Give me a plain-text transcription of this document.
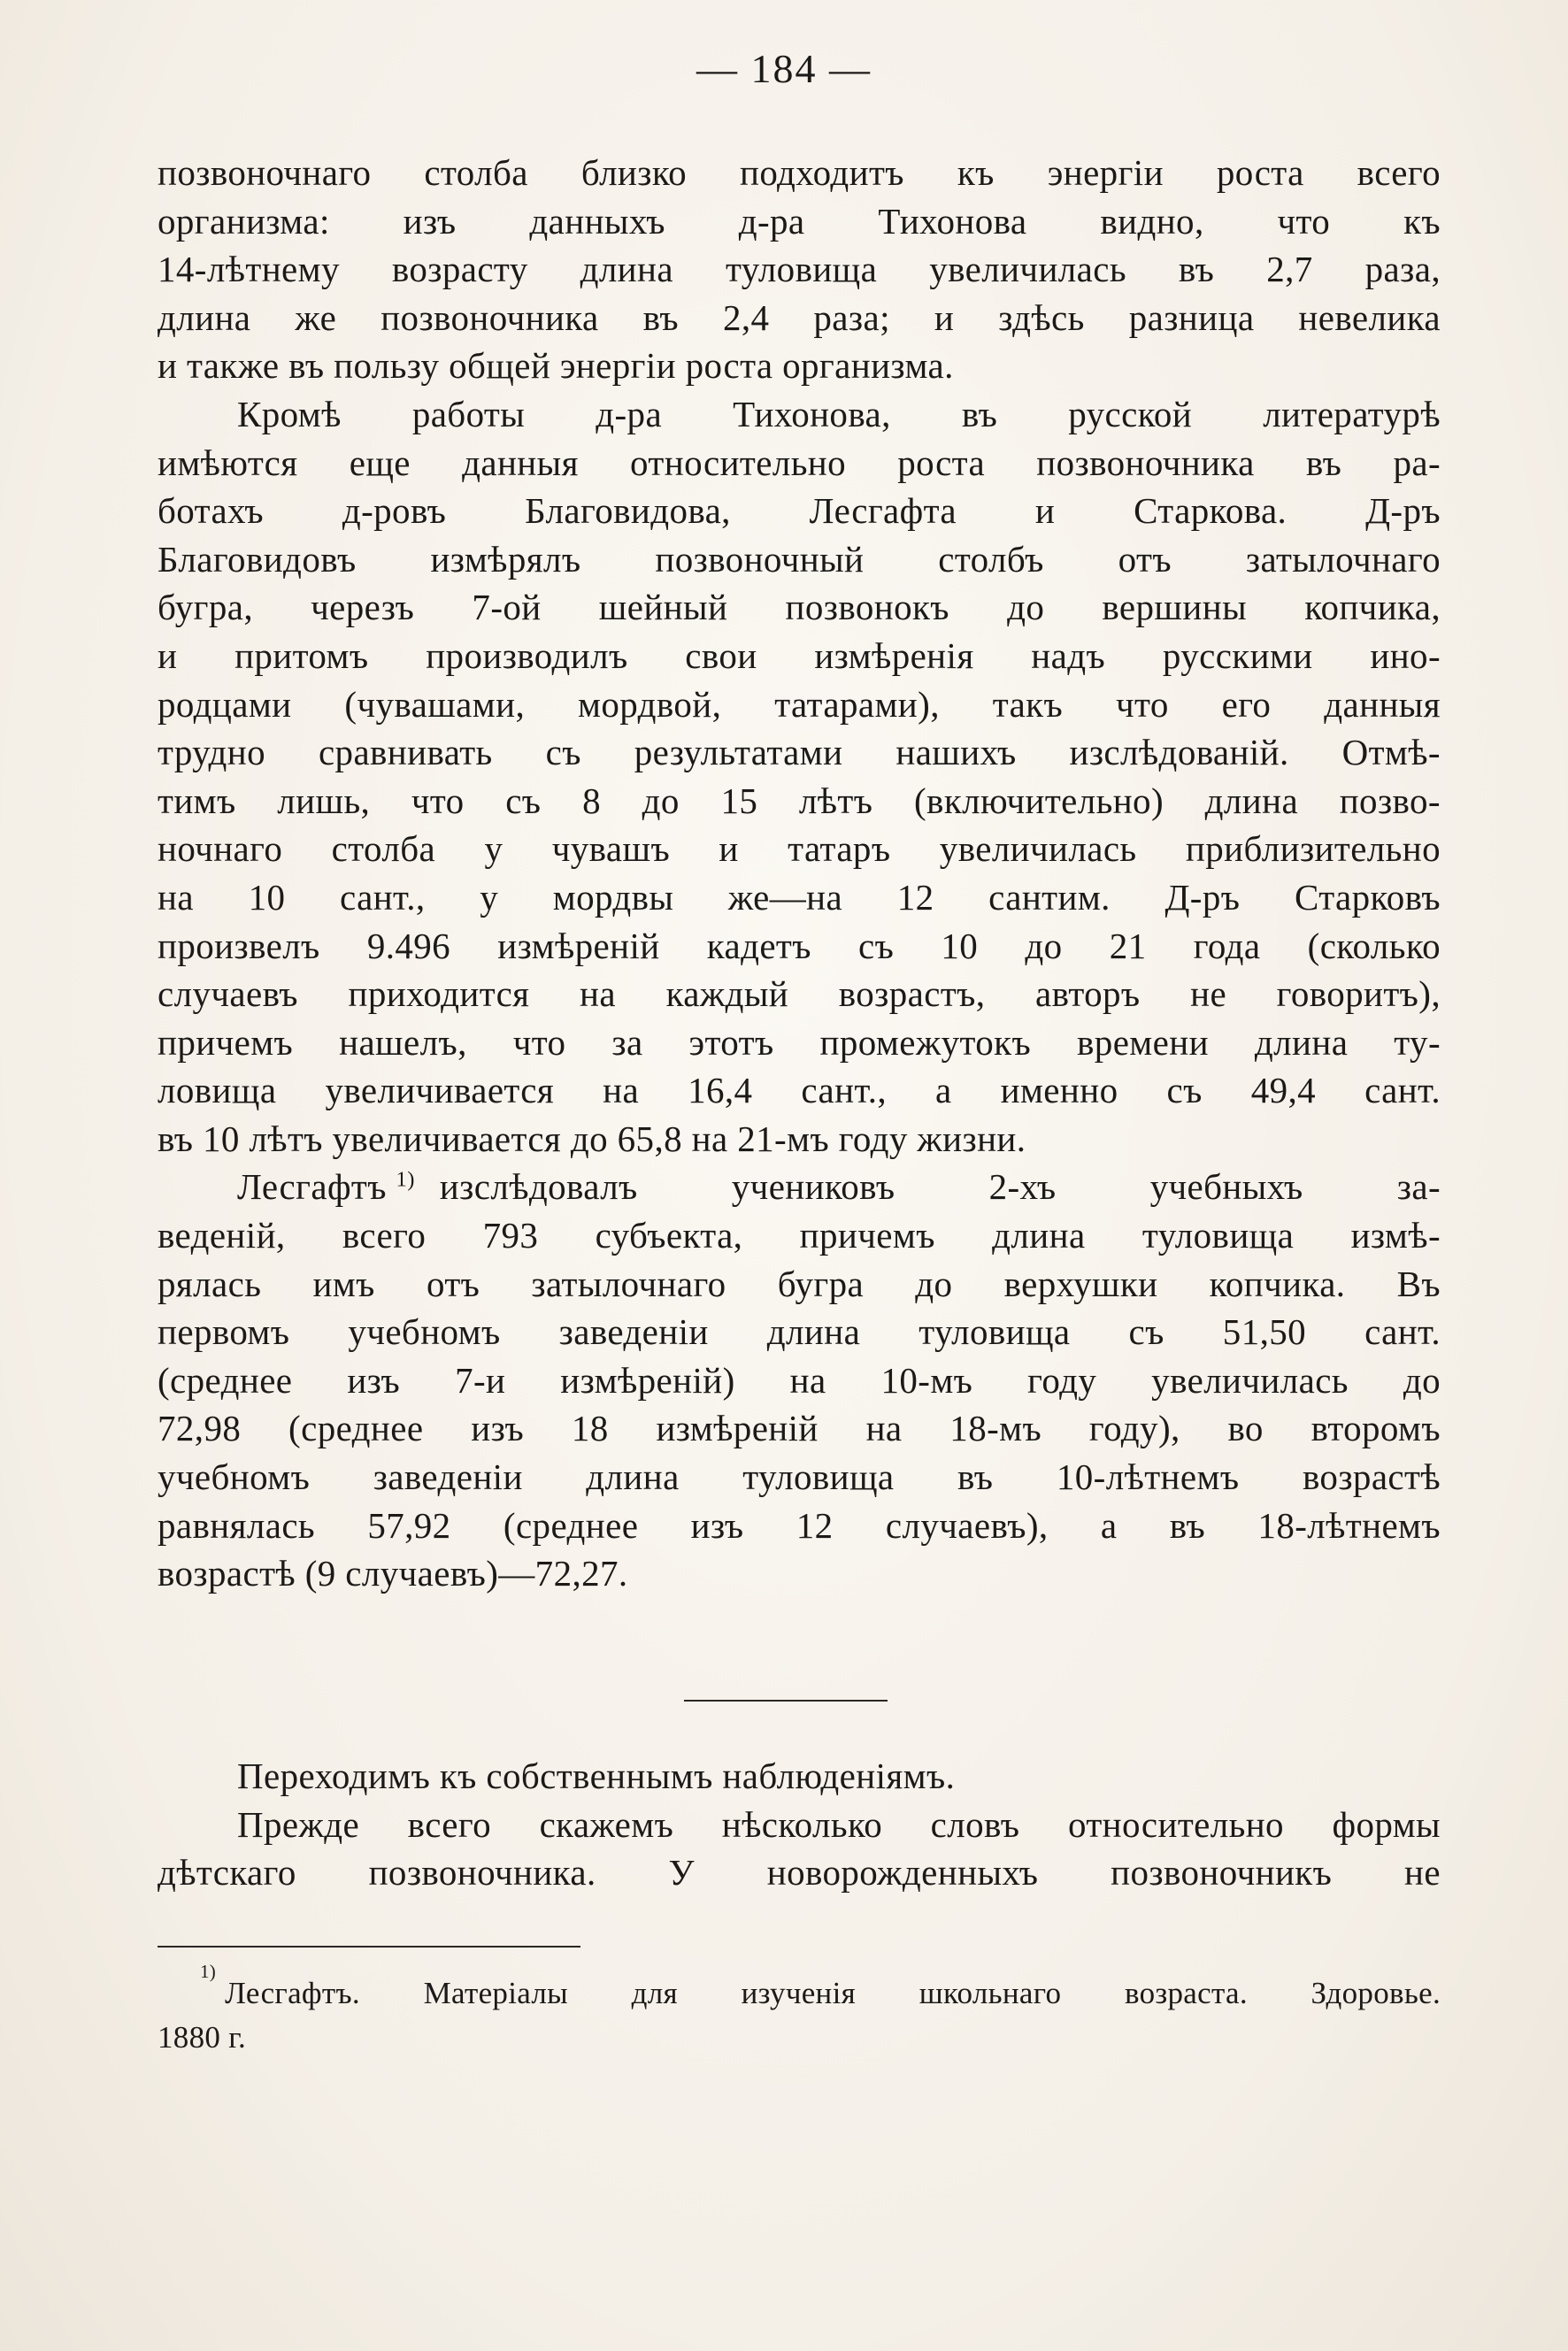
— 184 —
позвоночнаго столба близко подходитъ къ энергіи роста всего
организма: изъ данныхъ д-ра Тихонова видно, что къ
14-лѣтнему возрасту длина туловища увеличилась въ 2,7 раза,
длина же позвоночника въ 2,4 раза; и здѣсь разница невелика
и также въ пользу общей энергіи роста организма.
Кромѣ работы д-ра Тихонова, въ русской литературѣ
имѣются еще данныя относительно роста позвоночника въ ра-
ботахъ д-ровъ Благовидова, Лесгафта и Старкова. Д-ръ
Благовидовъ измѣрялъ позвоночный столбъ отъ затылочнаго
бугра, черезъ 7-ой шейный позвонокъ до вершины копчика,
и притомъ производилъ свои измѣренія надъ русскими ино-
родцами (чувашами, мордвой, татарами), такъ что его данныя
трудно сравнивать съ результатами нашихъ изслѣдованій. Отмѣ-
тимъ лишь, что съ 8 до 15 лѣтъ (включительно) длина позво-
ночнаго столба у чувашъ и татаръ увеличилась приблизительно
на 10 сант., у мордвы же—на 12 сантим. Д-ръ Старковъ
произвелъ 9.496 измѣреній кадетъ съ 10 до 21 года (сколько
случаевъ приходится на каждый возрастъ, авторъ не говоритъ),
причемъ нашелъ, что за этотъ промежутокъ времени длина ту-
ловища увеличивается на 16,4 сант., а именно съ 49,4 сант.
въ 10 лѣтъ увеличивается до 65,8 на 21-мъ году жизни.
Лесгафтъ $^{1)}$ изслѣдовалъ учениковъ 2-хъ учебныхъ за-
веденій, всего 793 субъекта, причемъ длина туловища измѣ-
рялась имъ отъ затылочнаго бугра до верхушки копчика. Въ
первомъ учебномъ заведеніи длина туловища съ 51,50 сант.
(среднее изъ 7-и измѣреній) на 10-мъ году увеличилась до
72,98 (среднее изъ 18 измѣреній на 18-мъ году), во второмъ
учебномъ заведеніи длина туловища въ 10-лѣтнемъ возрастѣ
равнялась 57,92 (среднее изъ 12 случаевъ), а въ 18-лѣтнемъ
возрастѣ (9 случаевъ)—72,27.
Переходимъ къ собственнымъ наблюденіямъ.
Прежде всего скажемъ нѣсколько словъ относительно формы
дѣтскаго позвоночника. У новорожденныхъ позвоночникъ не
1)
Лесгафтъ. Матеріалы для изученія школьнаго возраста. Здоровье.
1880 г.
